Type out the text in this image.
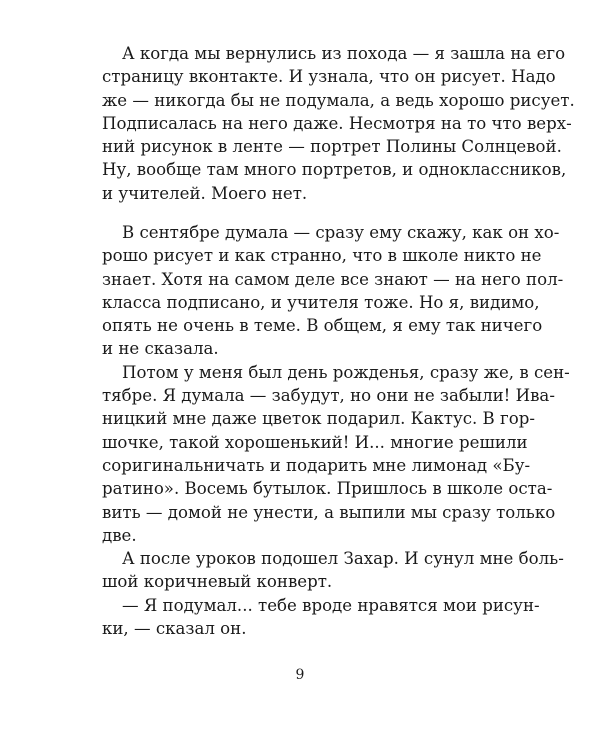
А когда мы вернулись из похода — я зашла на его
страницу вконтакте. И узнала, что он рисует. Надо
же — никогда бы не подумала, а ведь хорошо рисует.
Подписалась на него даже. Несмотря на то что верх-
ний рисунок в ленте — портрет Полины Солнцевой.
Ну, вообще там много портретов, и одноклассников,
и учителей. Моего нет.
В сентябре думала — сразу ему скажу, как он хо-
рошо рисует и как странно, что в школе никто не
знает. Хотя на самом деле все знают — на него пол-
класса подписано, и учителя тоже. Но я, видимо,
опять не очень в теме. В общем, я ему так ничего
и не сказала.
Потом у меня был день рожденья, сразу же, в сен-
тябре. Я думала — забудут, но они не забыли! Ива-
ницкий мне даже цветок подарил. Кактус. В гор-
шочке, такой хорошенький! И... многие решили
соригинальничать и подарить мне лимонад «Бу-
ратино». Восемь бутылок. Пришлось в школе оста-
вить — домой не унести, а выпили мы сразу только
две.
А после уроков подошел Захар. И сунул мне боль-
шой коричневый конверт.
— Я подумал... тебе вроде нравятся мои рисун-
ки, — сказал он.
9
